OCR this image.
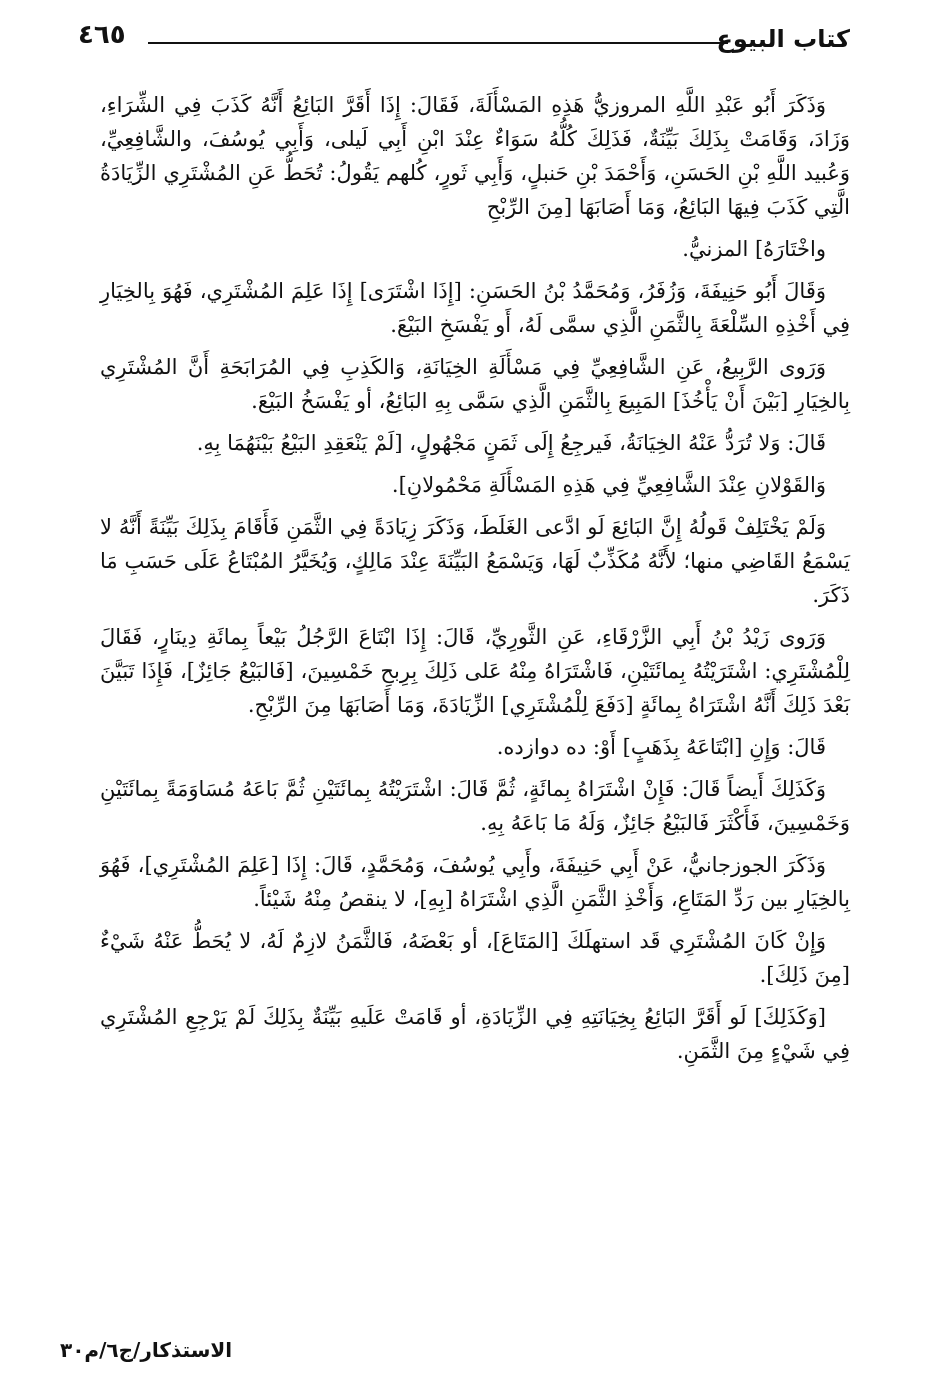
كتاب البيوع
٤٦٥

وَذَكَرَ أَبُو عَبْدِ اللَّهِ المروزيُّ هَذِهِ المَسْأَلَةَ، فَقَالَ: إِذَا أَقَرَّ البَائِعُ أَنَّهُ كَذَبَ فِي الشِّرَاءِ، وَزَادَ، وَقَامَتْ بِذَلِكَ بَيِّنَةٌ، فَذَلِكَ كُلُّهُ سَوَاءٌ عِنْدَ ابْنِ أَبِي لَيلى، وَأَبِي يُوسُفَ، والشَّافِعِيِّ، وَعُبيد اللَّهِ بْنِ الحَسَنِ، وَأَحْمَدَ بْنِ حَنبلٍ، وَأَبِي ثَورٍ، كُلهم يَقُولُ: تُحَطُّ عَنِ المُشْتَرِي الزِّيَادَةُ الَّتِي كَذَبَ فِيهَا البَائِعُ، وَمَا أَصَابَهَا [مِنَ الرِّبْحِ

واخْتَارَهُ] المزنيُّ.

وَقَالَ أَبُو حَنِيفَةَ، وَزُفَرُ، وَمُحَمَّدُ بْنُ الحَسَنِ: [إِذَا اشْتَرَى] إِذَا عَلِمَ المُشْتَرِي، فَهُوَ بِالخِيَارِ فِي أَخْذِهِ السِّلْعَةَ بِالثَّمَنِ الَّذِي سمَّى لَهُ، أَو يَفْسَخِ البَيْعَ.

وَرَوى الرَّبِيعُ، عَنِ الشَّافِعِيِّ فِي مَسْأَلَةِ الخِيَانَةِ، وَالكَذِبِ فِي المُرَابَحَةِ أَنَّ المُشْتَرِي بِالخِيَارِ [بَيْنَ أَنْ يَأْخُذَ] المَبِيعَ بِالثَّمَنِ الَّذِي سَمَّى بِهِ البَائِعُ، أو يَفْسَخُ البَيْعَ.

قَالَ: وَلا تُرَدُّ عَنْهُ الخِيَانَةُ، فَيرجِعُ إِلَى ثَمَنٍ مَجْهُولٍ، [لَمْ يَنْعَقِدِ البَيْعُ بَيْنَهُمَا بِهِ.

وَالقَوْلانِ عِنْدَ الشَّافِعِيِّ فِي هَذِهِ المَسْأَلَةِ مَحْمُولانِ].

وَلَمْ يَخْتَلِفْ قَولُهُ إِنَّ البَائِعَ لَو ادَّعى الغَلَطَ، وَذَكَرَ زِيَادَةً فِي الثَّمَنِ فَأَقَامَ بِذَلِكَ بَيِّنَةً أَنَّهُ لا يَسْمَعُ القَاضِي منها؛ لأَنَّهُ مُكَذِّبٌ لَهَا، وَيَسْمَعُ البَيِّنَةَ عِنْدَ مَالِكٍ، وَيُخَيَّرُ المُبْتَاعُ عَلَى حَسَبِ مَا ذَكَرَ.

وَرَوى زَيْدُ بْنُ أَبِي الزَّرْقَاءِ، عَنِ الثَّورِيِّ، قَالَ: إِذَا ابْتَاعَ الرَّجُلُ بَيْعاً بِمائَةِ دِينَارٍ، فَقَالَ لِلْمُشْتَرِي: اشْتَرَيْتُهُ بِمائَتَيْنِ، فَاشْتَرَاهُ مِنْهُ عَلى ذَلِكَ بِرِبحِ خَمْسِينَ، [فَالبَيْعُ جَائِزٌ]، فَإِذَا تَبَيَّنَ بَعْدَ ذَلِكَ أَنَّهُ اشْتَرَاهُ بِمائَةٍ [دَفَعَ لِلْمُشْتَرِي] الزِّيَادَةَ، وَمَا أَصَابَهَا مِنَ الرِّبْحِ.

قَالَ: وَإِنِ [ابْتَاعَهُ بِذَهَبٍ] أَوْ: ده دوازده.

وَكَذَلِكَ أَيضاً قَالَ: فَإِنْ اشْتَرَاهُ بِمائَةٍ، ثُمَّ قَالَ: اشْتَرَيْتُهُ بِمائَتَيْنِ ثُمَّ بَاعَهُ مُسَاوَمَةً بِمائَتَيْنِ وَخَمْسِينَ، فَأَكْثَرَ فَالبَيْعُ جَائِزٌ، وَلَهُ مَا بَاعَهُ بِهِ.

وَذَكَرَ الجوزجانيُّ، عَنْ أَبِي حَنِيفَةَ، وأَبِي يُوسُفَ، وَمُحَمَّدٍ، قَالَ: إِذَا [عَلِمَ المُشْتَرِي]، فَهُوَ بِالخِيَارِ بين رَدِّ المَتَاعِ، وَأَخْذِ الثَّمَنِ الَّذِي اشْتَرَاهُ [بِهِ]، لا ينقصُ مِنْهُ شَيْئاً.

وَإِنْ كَانَ المُشْتَرِي قَد استهلَكَ [المَتَاعَ]، أو بَعْضَهُ، فَالثَّمَنُ لازِمٌ لَهُ، لا يُحَطُّ عَنْهُ شَيْءٌ [مِنَ ذَلِكَ].

[وَكَذَلِكَ] لَو أَقَرَّ البَائِعُ بِخِيَانَتِهِ فِي الزِّيَادَةِ، أو قَامَتْ عَلَيهِ بَيِّنَةٌ بِذَلِكَ لَمْ يَرْجِعِ المُشْتَرِي فِي شَيْءٍ مِنَ الثَّمَنِ.

الاستذكار/ج٦/م٣٠
